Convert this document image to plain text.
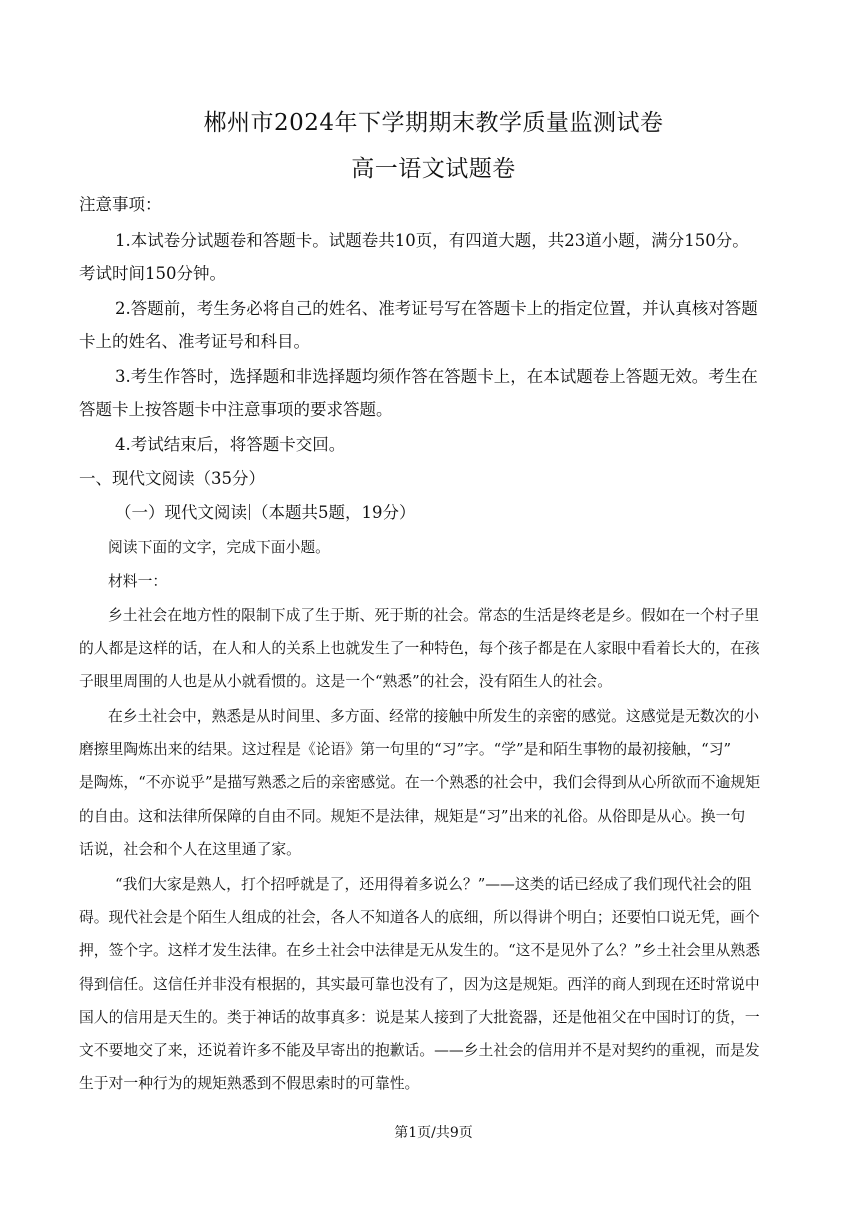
郴州市2024年下学期期末教学质量监测试卷
高一语文试题卷
注意事项：
1.本试卷分试题卷和答题卡。试题卷共10页，有四道大题，共23道小题，满分150分。
考试时间150分钟。
2.答题前，考生务必将自己的姓名、准考证号写在答题卡上的指定位置，并认真核对答题
卡上的姓名、准考证号和科目。
3.考生作答时，选择题和非选择题均须作答在答题卡上，在本试题卷上答题无效。考生在
答题卡上按答题卡中注意事项的要求答题。
4.考试结束后，将答题卡交回。
一、现代文阅读（35分）
（一）现代文阅读 （本题共5题，19分）
阅读下面的文字，完成下面小题。
材料一：
乡土社会在地方性的限制下成了生于斯、死于斯的社会。常态的生活是终老是乡。假如在一个村子里
的人都是这样的话，在人和人的关系上也就发生了一种特色，每个孩子都是在人家眼中看着长大的，在孩
子眼里周围的人也是从小就看惯的。这是一个“熟悉”的社会，没有陌生人的社会。
在乡土社会中，熟悉是从时间里、多方面、经常的接触中所发生的亲密的感觉。这感觉是无数次的小
磨擦里陶炼出来的结果。这过程是《论语》第一句里的“习”字。“学”是和陌生事物的最初接触，“习”
是陶炼，“不亦说乎”是描写熟悉之后的亲密感觉。在一个熟悉的社会中，我们会得到从心所欲而不逾规矩
的自由。这和法律所保障的自由不同。规矩不是法律，规矩是“习”出来的礼俗。从俗即是从心。换一句
话说，社会和个人在这里通了家。
“我们大家是熟人，打个招呼就是了，还用得着多说么？”——这类的话已经成了我们现代社会的阻
碍。现代社会是个陌生人组成的社会，各人不知道各人的底细，所以得讲个明白；还要怕口说无凭，画个
押，签个字。这样才发生法律。在乡土社会中法律是无从发生的。“这不是见外了么？”乡土社会里从熟悉
得到信任。这信任并非没有根据的，其实最可靠也没有了，因为这是规矩。西洋的商人到现在还时常说中
国人的信用是天生的。类于神话的故事真多：说是某人接到了大批瓷器，还是他祖父在中国时订的货，一
文不要地交了来，还说着许多不能及早寄出的抱歉话。——乡土社会的信用并不是对契约的重视，而是发
生于对一种行为的规矩熟悉到不假思索时的可靠性。
第1页/共9页
